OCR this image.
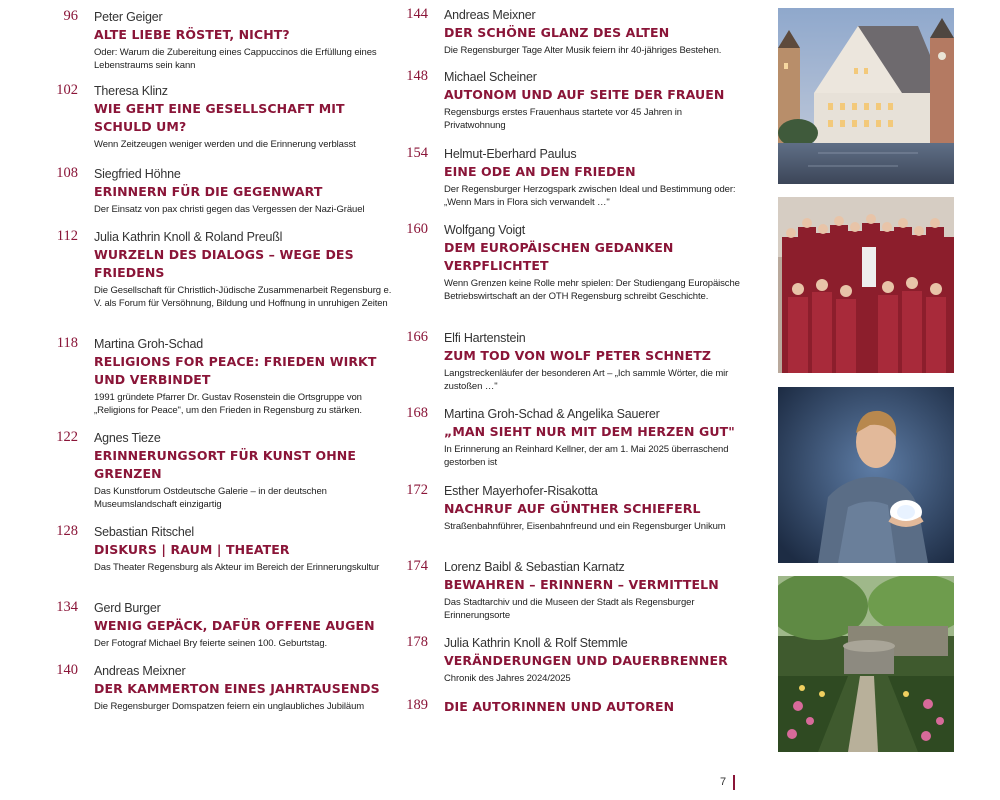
96 Peter Geiger
ALTE LIEBE RÖSTET, NICHT?
Oder: Warum die Zubereitung eines Cappuccinos die Erfüllung eines Lebenstraums sein kann
102 Theresa Klinz
WIE GEHT EINE GESELLSCHAFT MIT SCHULD UM?
Wenn Zeitzeugen weniger werden und die Erinnerung verblasst
108 Siegfried Höhne
ERINNERN FÜR DIE GEGENWART
Der Einsatz von pax christi gegen das Vergessen der Nazi-Gräuel
112 Julia Kathrin Knoll & Roland Preußl
WURZELN DES DIALOGS – WEGE DES FRIEDENS
Die Gesellschaft für Christlich-Jüdische Zusammenarbeit Regensburg e. V. als Forum für Versöhnung, Bildung und Hoffnung in unruhigen Zeiten
118 Martina Groh-Schad
RELIGIONS FOR PEACE: FRIEDEN WIRKT UND VERBINDET
1991 gründete Pfarrer Dr. Gustav Rosenstein die Ortsgruppe von „Religions for Peace", um den Frieden in Regensburg zu stärken.
122 Agnes Tieze
ERINNERUNGSORT FÜR KUNST OHNE GRENZEN
Das Kunstforum Ostdeutsche Galerie – in der deutschen Museumslandschaft einzigartig
128 Sebastian Ritschel
DISKURS | RAUM | THEATER
Das Theater Regensburg als Akteur im Bereich der Erinnerungskultur
134 Gerd Burger
WENIG GEPÄCK, DAFÜR OFFENE AUGEN
Der Fotograf Michael Bry feierte seinen 100. Geburtstag.
140 Andreas Meixner
DER KAMMERTON EINES JAHRTAUSENDS
Die Regensburger Domspatzen feiern ein unglaubliches Jubiläum
144 Andreas Meixner
DER SCHÖNE GLANZ DES ALTEN
Die Regensburger Tage Alter Musik feiern ihr 40-jähriges Bestehen.
148 Michael Scheiner
AUTONOM UND AUF SEITE DER FRAUEN
Regensburgs erstes Frauenhaus startete vor 45 Jahren in Privatwohnung
154 Helmut-Eberhard Paulus
EINE ODE AN DEN FRIEDEN
Der Regensburger Herzogspark zwischen Ideal und Bestimmung oder: „Wenn Mars in Flora sich verwandelt …"
160 Wolfgang Voigt
DEM EUROPÄISCHEN GEDANKEN VERPFLICHTET
Wenn Grenzen keine Rolle mehr spielen: Der Studiengang Europäische Betriebswirtschaft an der OTH Regensburg schreibt Geschichte.
166 Elfi Hartenstein
ZUM TOD VON WOLF PETER SCHNETZ
Langstreckenläufer der besonderen Art – „Ich sammle Wörter, die mir zustoßen …"
168 Martina Groh-Schad & Angelika Sauerer
„MAN SIEHT NUR MIT DEM HERZEN GUT"
In Erinnerung an Reinhard Kellner, der am 1. Mai 2025 überraschend gestorben ist
172 Esther Mayerhofer-Risakotta
NACHRUF AUF GÜNTHER SCHIEFERL
Straßenbahnführer, Eisenbahnfreund und ein Regensburger Unikum
174 Lorenz Baibl & Sebastian Karnatz
BEWAHREN – ERINNERN – VERMITTELN
Das Stadtarchiv und die Museen der Stadt als Regensburger Erinnerungsorte
178 Julia Kathrin Knoll & Rolf Stemmle
VERÄNDERUNGEN UND DAUERBRENNER
Chronik des Jahres 2024/2025
189 DIE AUTORINNEN UND AUTOREN
7
